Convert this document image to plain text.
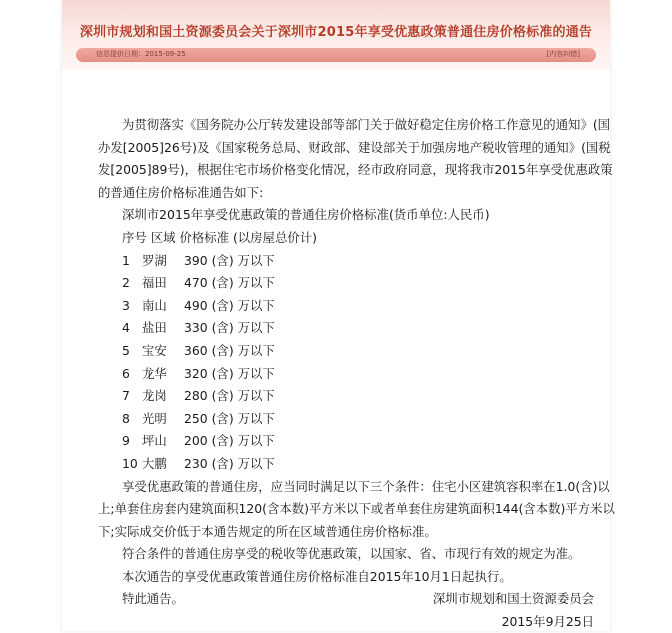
深圳市规划和国土资源委员会关于深圳市2015年享受优惠政策普通住房价格标准的通告
信息提供日期：2015-09-25	[内容纠错]
为贯彻落实《国务院办公厅转发建设部等部门关于做好稳定住房价格工作意见的通知》(国
办发[2005]26号)及《国家税务总局、财政部、建设部关于加强房地产税收管理的通知》(国税
发[2005]89号)，根据住宅市场价格变化情况，经市政府同意，现将我市2015年享受优惠政策
的普通住房价格标准通告如下:
深圳市2015年享受优惠政策的普通住房价格标准(货币单位:人民币)
序号 区域 价格标准 (以房屋总价计)
1 罗湖 390 (含) 万以下
2 福田 470 (含) 万以下
3 南山 490 (含) 万以下
4 盐田 330 (含) 万以下
5 宝安 360 (含) 万以下
6 龙华 320 (含) 万以下
7 龙岗 280 (含) 万以下
8 光明 250 (含) 万以下
9 坪山 200 (含) 万以下
10 大鹏 230 (含) 万以下
享受优惠政策的普通住房，应当同时满足以下三个条件：住宅小区建筑容积率在1.0(含)以
上;单套住房套内建筑面积120(含本数)平方米以下或者单套住房建筑面积144(含本数)平方米以
下;实际成交价低于本通告规定的所在区域普通住房价格标准。
符合条件的普通住房享受的税收等优惠政策，以国家、省、市现行有效的规定为准。
本次通告的享受优惠政策普通住房价格标准自2015年10月1日起执行。
特此通告。	深圳市规划和国土资源委员会
2015年9月25日
